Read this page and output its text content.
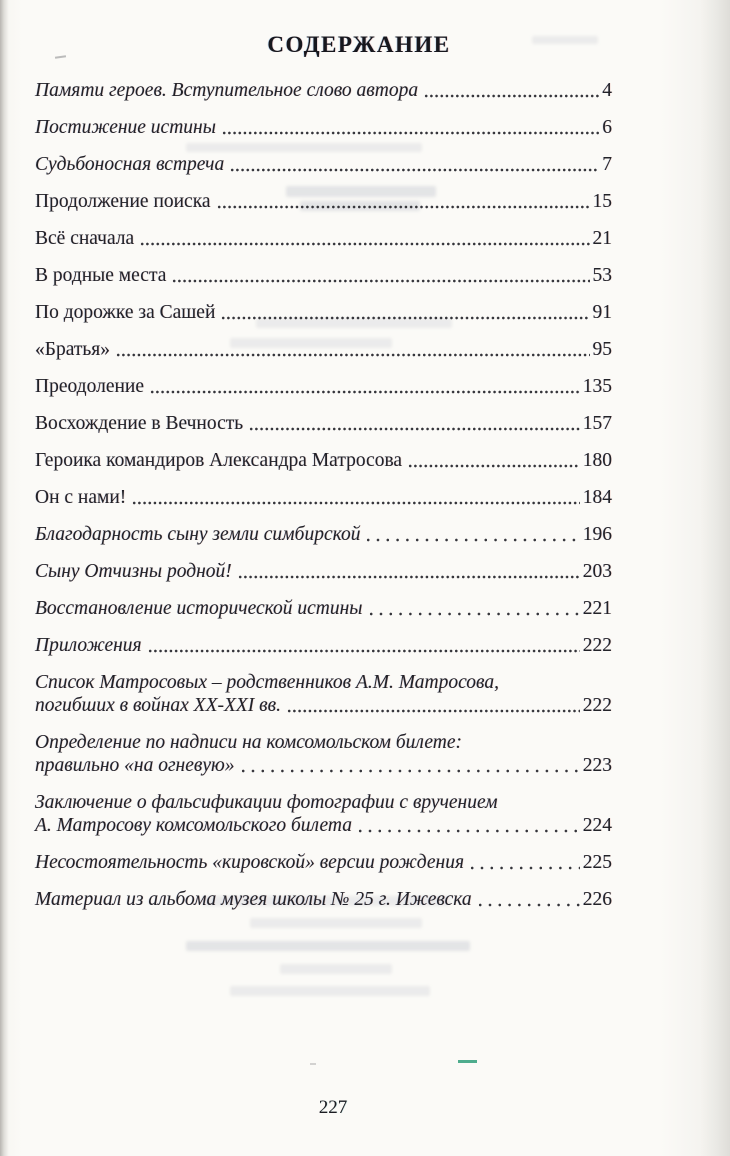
СОДЕРЖАНИЕ
Памяти героев. Вступительное слово автора	4
Постижение истины	6
Судьбоносная встреча	7
Продолжение поиска	15
Всё сначала	21
В родные места	53
По дорожке за Сашей	91
«Братья»	95
Преодоление	135
Восхождение в Вечность	157
Героика командиров Александра Матросова	180
Он с нами!	184
Благодарность сыну земли симбирской	196
Сыну Отчизны родной!	203
Восстановление исторической истины	221
Приложения	222
Список Матросовых – родственников А.М. Матросова,
погибших в войнах XX-XXI вв.	222
Определение по надписи на комсомольском билете:
правильно «на огневую»	223
Заключение о фальсификации фотографии с вручением
А. Матросову комсомольского билета	224
Несостоятельность «кировской» версии рождения	225
Материал из альбома музея школы № 25 г. Ижевска	226
227
